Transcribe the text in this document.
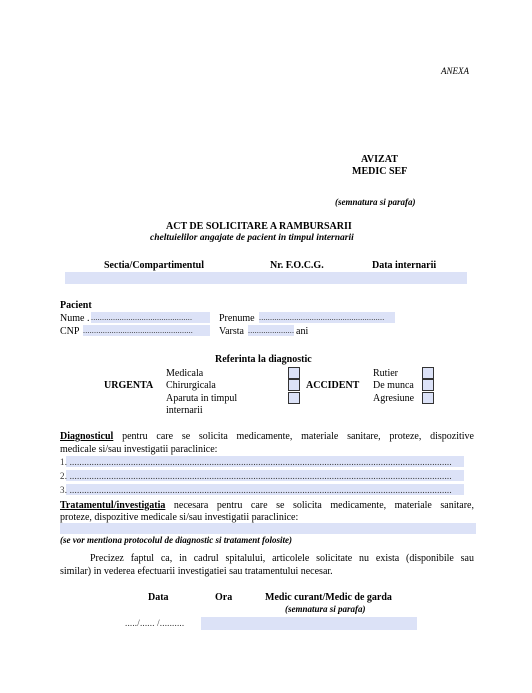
ANEXA
AVIZAT
MEDIC SEF
(semnatura si parafa)
ACT DE SOLICITARE A RAMBURSARII
cheltuielilor angajate de pacient in timpul internarii
Sectia/Compartimentul	Nr. F.O.C.G.	Data internarii
Pacient
Nume . ..............................................	Prenume .........................................................
CNP ..................................................	Varsta ..................... ani
Referinta la diagnostic
URGENTA
Medicala
Chirurgicala
Aparuta in timpul
internarii
ACCIDENT
Rutier
De munca
Agresiune
Diagnosticul pentru care se solicita medicamente, materiale sanitare, proteze, dispozitive
medicale si/sau investigatii paraclinice:
1. ............................................................................................................................................................
2. ............................................................................................................................................................
3. ............................................................................................................................................................
Tratamentul/investigatia necesara pentru care se solicita medicamente, materiale sanitare,
proteze, dispozitive medicale si/sau investigatii paraclinice:
(se vor mentiona protocolul de diagnostic si tratament folosite)
Precizez faptul ca, in cadrul spitalului, articolele solicitate nu exista (disponibile sau
similar) in vederea efectuarii investigatiei sau tratamentului necesar.
Data	Ora	Medic curant/Medic de garda
(semnatura si parafa)
...../...... /..........
